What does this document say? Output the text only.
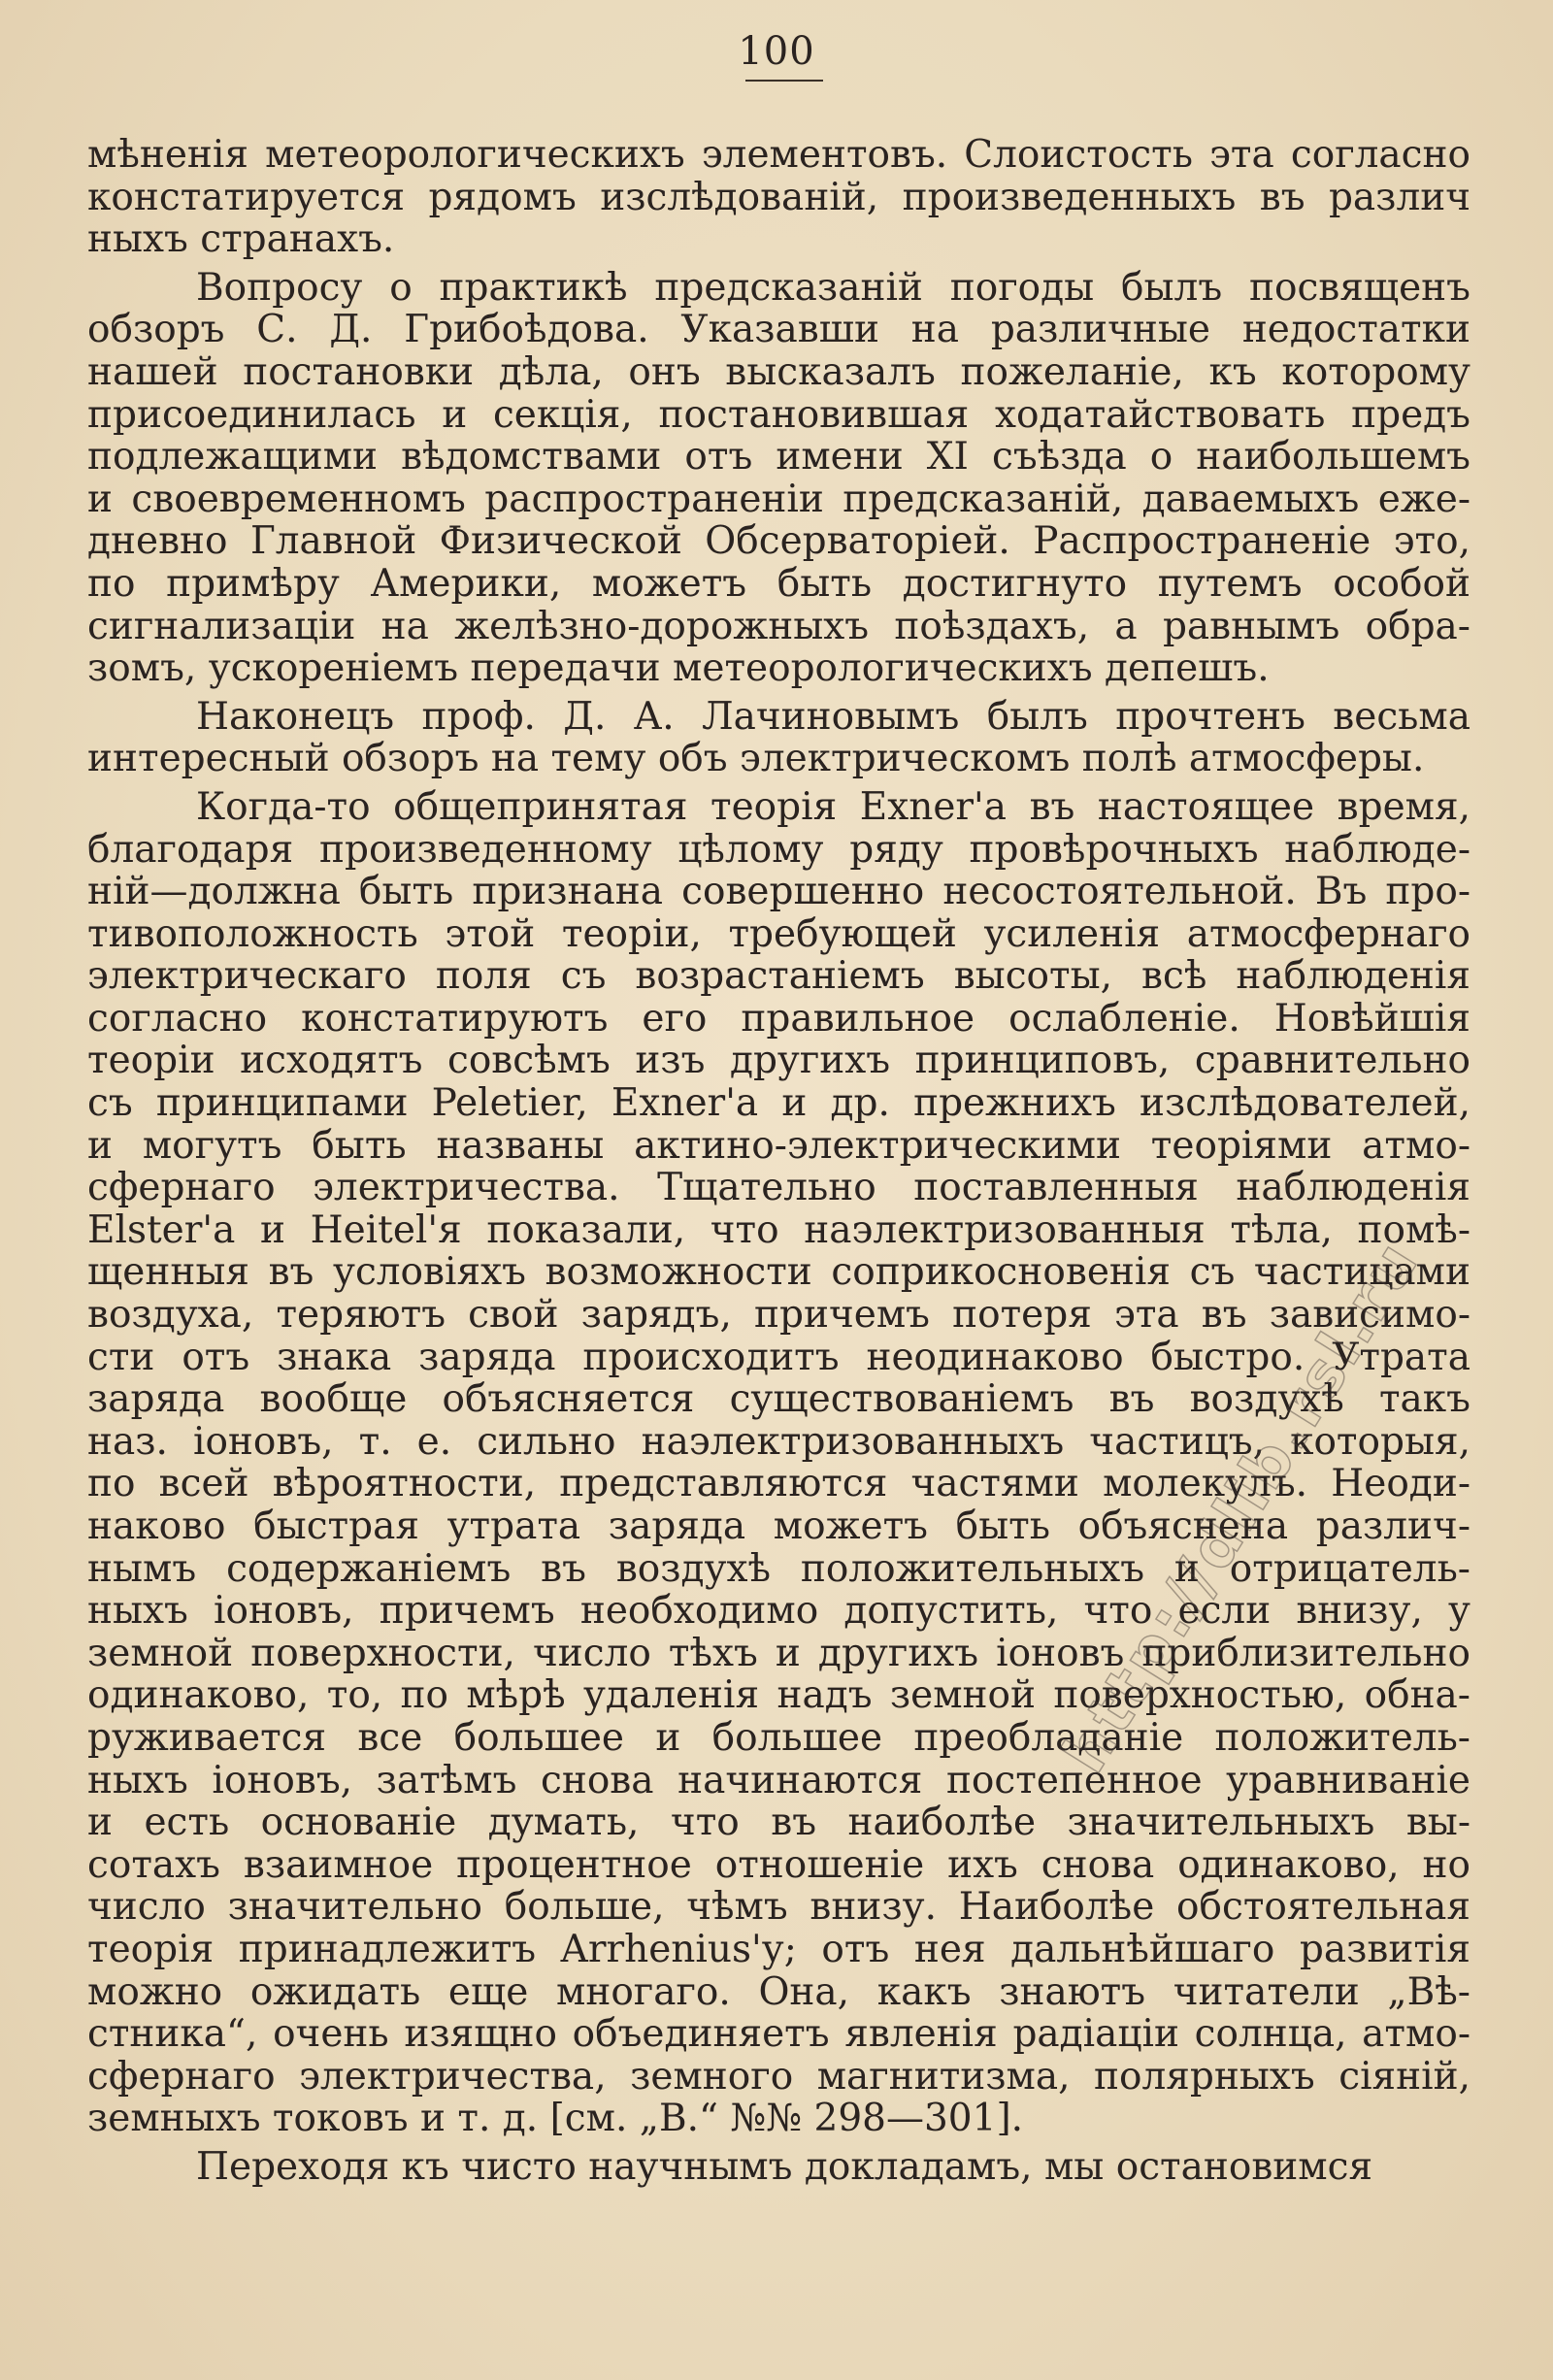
100
мѣненія метеорологическихъ элементовъ. Слоистость эта согласно
констатируется рядомъ изслѣдованій, произведенныхъ въ различ
ныхъ странахъ.
Вопросу о практикѣ предсказаній погоды былъ посвященъ
обзоръ С. Д. Грибоѣдова. Указавши на различные недостатки
нашей постановки дѣла, онъ высказалъ пожеланіе, къ которому
присоединилась и секція, постановившая ходатайствовать предъ
подлежащими вѣдомствами отъ имени XI съѣзда о наибольшемъ
и своевременномъ распространеніи предсказаній, даваемыхъ еже-
дневно Главной Физической Обсерваторіей. Распространеніе это,
по примѣру Америки, можетъ быть достигнуто путемъ особой
сигнализаціи на желѣзно-дорожныхъ поѣздахъ, а равнымъ обра-
зомъ, ускореніемъ передачи метеорологическихъ депешъ.
Наконецъ проф. Д. А. Лачиновымъ былъ прочтенъ весьма
интересный обзоръ на тему объ электрическомъ полѣ атмосферы.
Когда-то общепринятая теорія Exner'а въ настоящее время,
благодаря произведенному цѣлому ряду провѣрочныхъ наблюде-
ній—должна быть признана совершенно несостоятельной. Въ про-
тивоположность этой теоріи, требующей усиленія атмосфернаго
электрическаго поля съ возрастаніемъ высоты, всѣ наблюденія
согласно констатируютъ его правильное ослабленіе. Новѣйшія
теоріи исходятъ совсѣмъ изъ другихъ принциповъ, сравнительно
съ принципами Peletier, Exner'а и др. прежнихъ изслѣдователей,
и могутъ быть названы актино-электрическими теоріями атмо-
сфернаго электричества. Тщательно поставленныя наблюденія
Elster'а и Heitel'я показали, что наэлектризованныя тѣла, помѣ-
щенныя въ условіяхъ возможности соприкосновенія съ частицами
воздуха, теряютъ свой зарядъ, причемъ потеря эта въ зависимо-
сти отъ знака заряда происходитъ неодинаково быстро. Утрата
заряда вообще объясняется существованіемъ въ воздухѣ такъ
наз. іоновъ, т. е. сильно наэлектризованныхъ частицъ, которыя,
по всей вѣроятности, представляются частями молекулъ. Неоди-
наково быстрая утрата заряда можетъ быть объяснена различ-
нымъ содержаніемъ въ воздухѣ положительныхъ и отрицатель-
ныхъ іоновъ, причемъ необходимо допустить, что если внизу, у
земной поверхности, число тѣхъ и другихъ іоновъ приблизительно
одинаково, то, по мѣрѣ удаленія надъ земной поверхностью, обна-
руживается все большее и большее преобладаніе положитель-
ныхъ іоновъ, затѣмъ снова начинаются постепенное уравниваніе
и есть основаніе думать, что въ наиболѣе значительныхъ вы-
сотахъ взаимное процентное отношеніе ихъ снова одинаково, но
число значительно больше, чѣмъ внизу. Наиболѣе обстоятельная
теорія принадлежитъ Arrhenius'у; отъ нея дальнѣйшаго развитія
можно ожидать еще многаго. Она, какъ знаютъ читатели „Вѣ-
стника“, очень изящно объединяетъ явленія радіаціи солнца, атмо-
сфернаго электричества, земного магнитизма, полярныхъ сіяній,
земныхъ токовъ и т. д. [см. „В.“ №№ 298—301].
Переходя къ чисто научнымъ докладамъ, мы остановимся
http://dlib.rsl.ru
